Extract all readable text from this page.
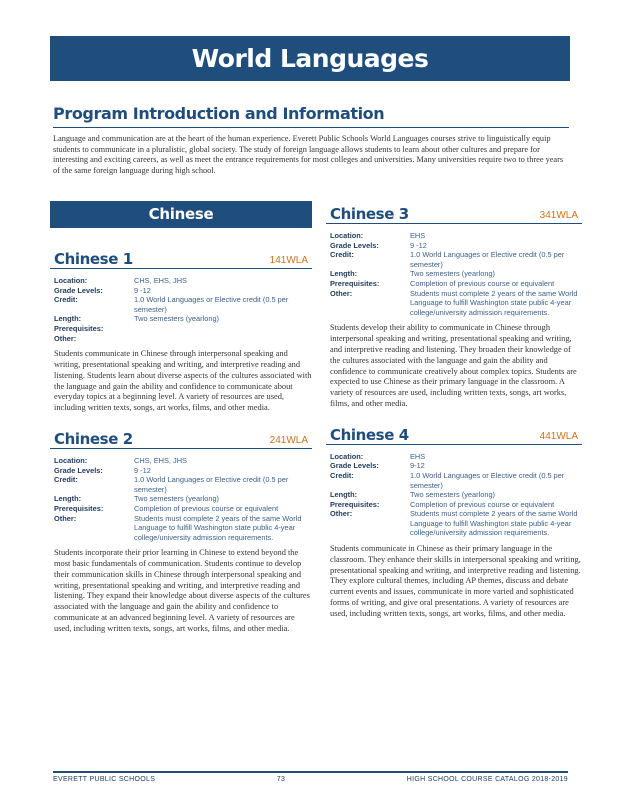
World Languages
Program Introduction and Information
Language and communication are at the heart of the human experience. Everett Public Schools World Languages courses strive to linguistically equip students to communicate in a pluralistic, global society. The study of foreign language allows students to learn about other cultures and prepare for interesting and exciting careers, as well as meet the entrance requirements for most colleges and universities. Many universities require two to three years of the same foreign language during high school.
Chinese
Chinese 1	141WLA
Location:	CHS, EHS, JHS
Grade Levels:	9 -12
Credit:	1.0 World Languages or Elective credit (0.5 per semester)
Length:	Two semesters (yearlong)
Prerequisites:
Other:
Students communicate in Chinese through interpersonal speaking and writing, presentational speaking and writing, and interpretive reading and listening. Students learn about diverse aspects of the cultures associated with the language and gain the ability and confidence to communicate about everyday topics at a beginning level. A variety of resources are used, including written texts, songs, art works, films, and other media.
Chinese 2	241WLA
Location:	CHS, EHS, JHS
Grade Levels:	9 -12
Credit:	1.0 World Languages or Elective credit (0.5 per semester)
Length:	Two semesters (yearlong)
Prerequisites:	Completion of previous course or equivalent
Other:	Students must complete 2 years of the same World Language to fulfill Washington state public 4-year college/university admission requirements.
Students incorporate their prior learning in Chinese to extend beyond the most basic fundamentals of communication. Students continue to develop their communication skills in Chinese through interpersonal speaking and writing, presentational speaking and writing, and interpretive reading and listening. They expand their knowledge about diverse aspects of the cultures associated with the language and gain the ability and confidence to communicate at an advanced beginning level. A variety of resources are used, including written texts, songs, art works, films, and other media.
Chinese 3	341WLA
Location:	EHS
Grade Levels:	9 -12
Credit:	1.0 World Languages or Elective credit (0.5 per semester)
Length:	Two semesters (yearlong)
Prerequisites:	Completion of previous course or equivalent
Other:	Students must complete 2 years of the same World Language to fulfill Washington state public 4-year college/university admission requirements.
Students develop their ability to communicate in Chinese through interpersonal speaking and writing, presentational speaking and writing, and interpretive reading and listening. They broaden their knowledge of the cultures associated with the language and gain the ability and confidence to communicate creatively about complex topics. Students are expected to use Chinese as their primary language in the classroom. A variety of resources are used, including written texts, songs, art works, films, and other media.
Chinese 4	441WLA
Location:	EHS
Grade Levels:	9-12
Credit:	1.0 World Languages or Elective credit (0.5 per semester)
Length:	Two semesters (yearlong)
Prerequisites:	Completion of previous course or equivalent
Other:	Students must complete 2 years of the same World Language to fulfill Washington state public 4-year college/university admission requirements.
Students communicate in Chinese as their primary language in the classroom. They enhance their skills in interpersonal speaking and writing, presentational speaking and writing, and interpretive reading and listening. They explore cultural themes, including AP themes, discuss and debate current events and issues, communicate in more varied and sophisticated forms of writing, and give oral presentations. A variety of resources are used, including written texts, songs, art works, films, and other media.
EVERETT PUBLIC SCHOOLS	73	HIGH SCHOOL COURSE CATALOG 2018-2019
